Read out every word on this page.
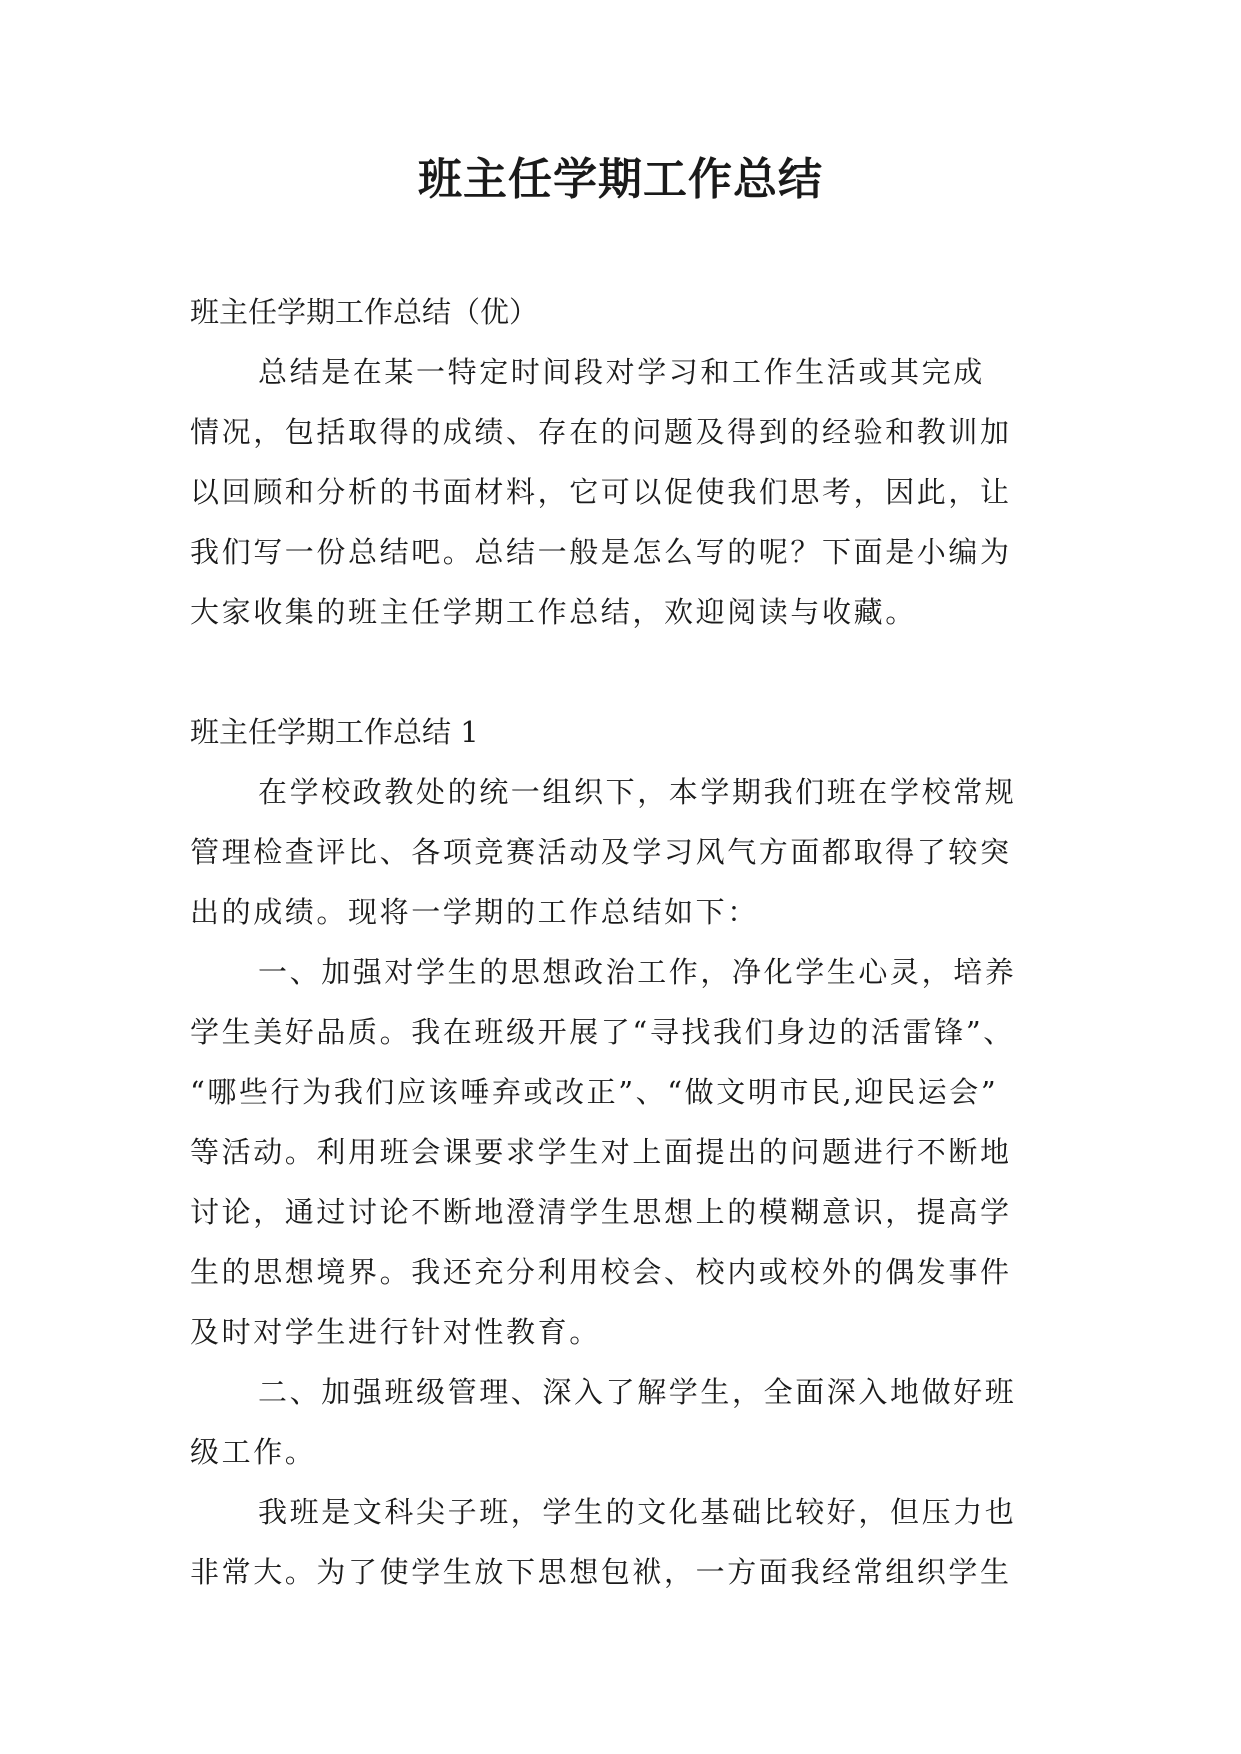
班主任学期工作总结

班主任学期工作总结（优）

总结是在某一特定时间段对学习和工作生活或其完成
情况，包括取得的成绩、存在的问题及得到的经验和教训加
以回顾和分析的书面材料，它可以促使我们思考，因此，让
我们写一份总结吧。总结一般是怎么写的呢？下面是小编为
大家收集的班主任学期工作总结，欢迎阅读与收藏。

班主任学期工作总结 1

在学校政教处的统一组织下，本学期我们班在学校常规
管理检查评比、各项竞赛活动及学习风气方面都取得了较突
出的成绩。现将一学期的工作总结如下：

一、加强对学生的思想政治工作，净化学生心灵，培养
学生美好品质。我在班级开展了“寻找我们身边的活雷锋”、
“哪些行为我们应该唾弃或改正”、“做文明市民,迎民运会”
等活动。利用班会课要求学生对上面提出的问题进行不断地
讨论，通过讨论不断地澄清学生思想上的模糊意识，提高学
生的思想境界。我还充分利用校会、校内或校外的偶发事件
及时对学生进行针对性教育。

二、加强班级管理、深入了解学生，全面深入地做好班
级工作。

我班是文科尖子班，学生的文化基础比较好，但压力也
非常大。为了使学生放下思想包袱，一方面我经常组织学生
